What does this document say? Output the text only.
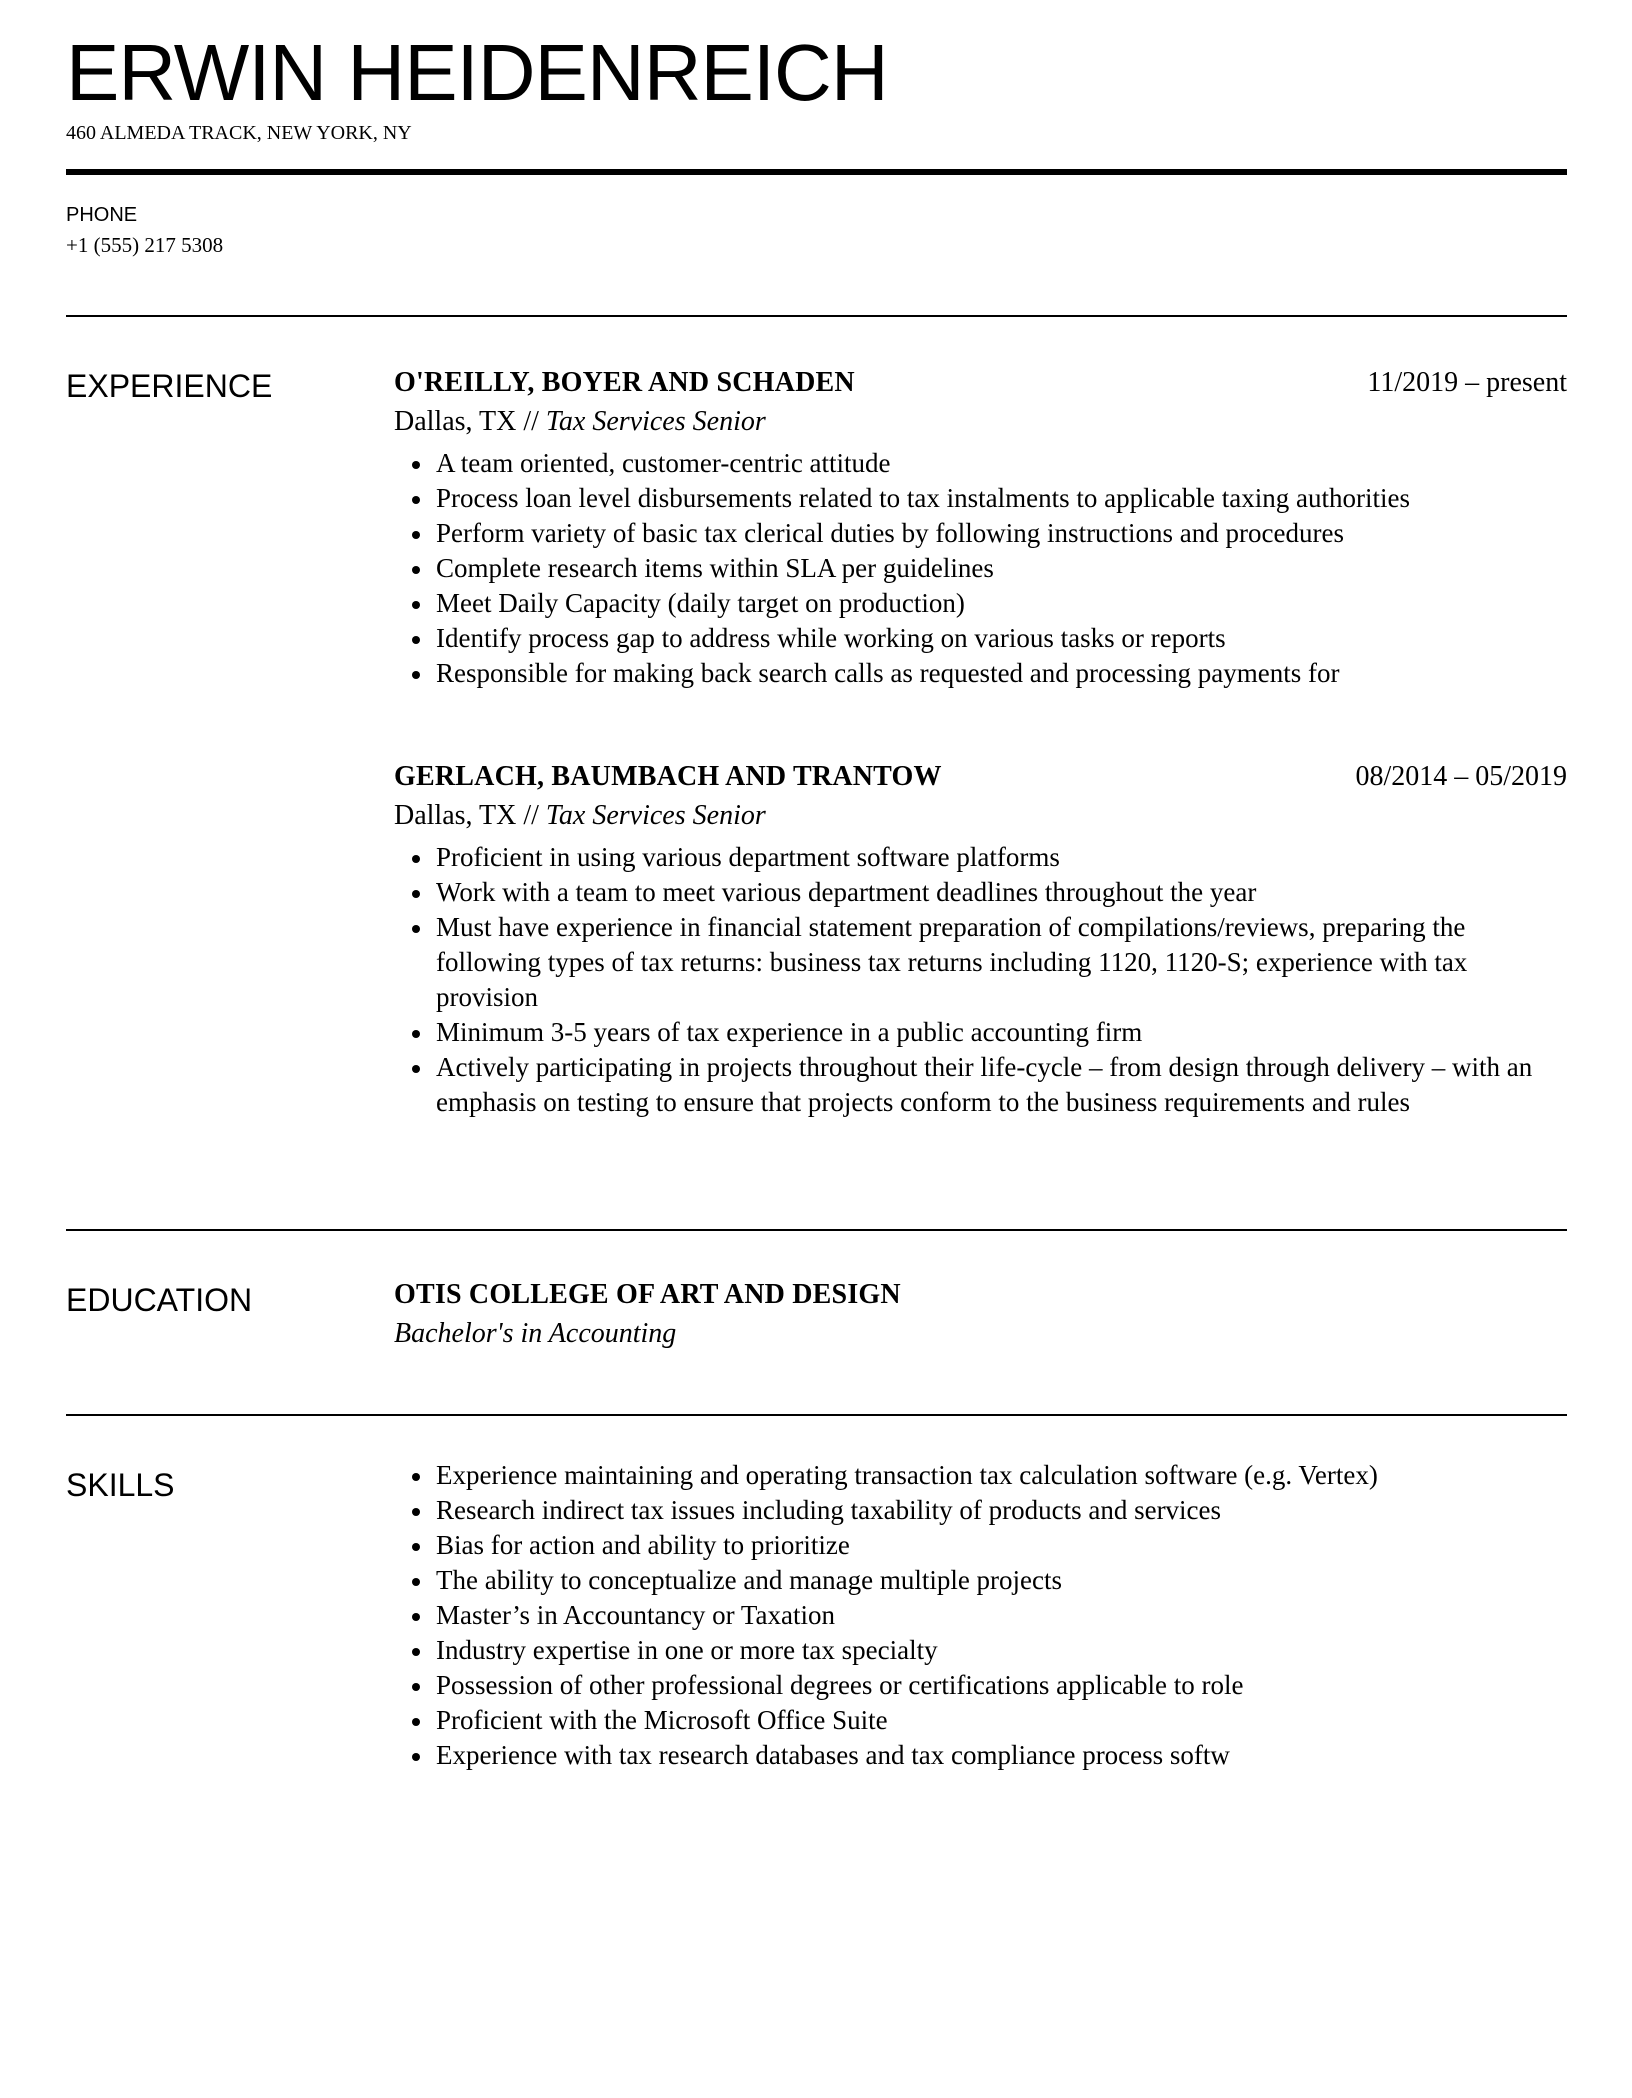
ERWIN HEIDENREICH
460 ALMEDA TRACK, NEW YORK, NY
PHONE
+1 (555) 217 5308
EXPERIENCE	O'REILLY, BOYER AND SCHADEN	11/2019 – present
Dallas, TX // Tax Services Senior
A team oriented, customer-centric attitude
Process loan level disbursements related to tax instalments to applicable taxing authorities
Perform variety of basic tax clerical duties by following instructions and procedures
Complete research items within SLA per guidelines
Meet Daily Capacity (daily target on production)
Identify process gap to address while working on various tasks or reports
Responsible for making back search calls as requested and processing payments for
GERLACH, BAUMBACH AND TRANTOW	08/2014 – 05/2019
Dallas, TX // Tax Services Senior
Proficient in using various department software platforms
Work with a team to meet various department deadlines throughout the year
Must have experience in financial statement preparation of compilations/reviews, preparing the following types of tax returns: business tax returns including 1120, 1120-S; experience with tax provision
Minimum 3-5 years of tax experience in a public accounting firm
Actively participating in projects throughout their life-cycle – from design through delivery – with an emphasis on testing to ensure that projects conform to the business requirements and rules
EDUCATION	OTIS COLLEGE OF ART AND DESIGN
Bachelor's in Accounting
SKILLS	Experience maintaining and operating transaction tax calculation software (e.g. Vertex)
Research indirect tax issues including taxability of products and services
Bias for action and ability to prioritize
The ability to conceptualize and manage multiple projects
Master’s in Accountancy or Taxation
Industry expertise in one or more tax specialty
Possession of other professional degrees or certifications applicable to role
Proficient with the Microsoft Office Suite
Experience with tax research databases and tax compliance process softw
